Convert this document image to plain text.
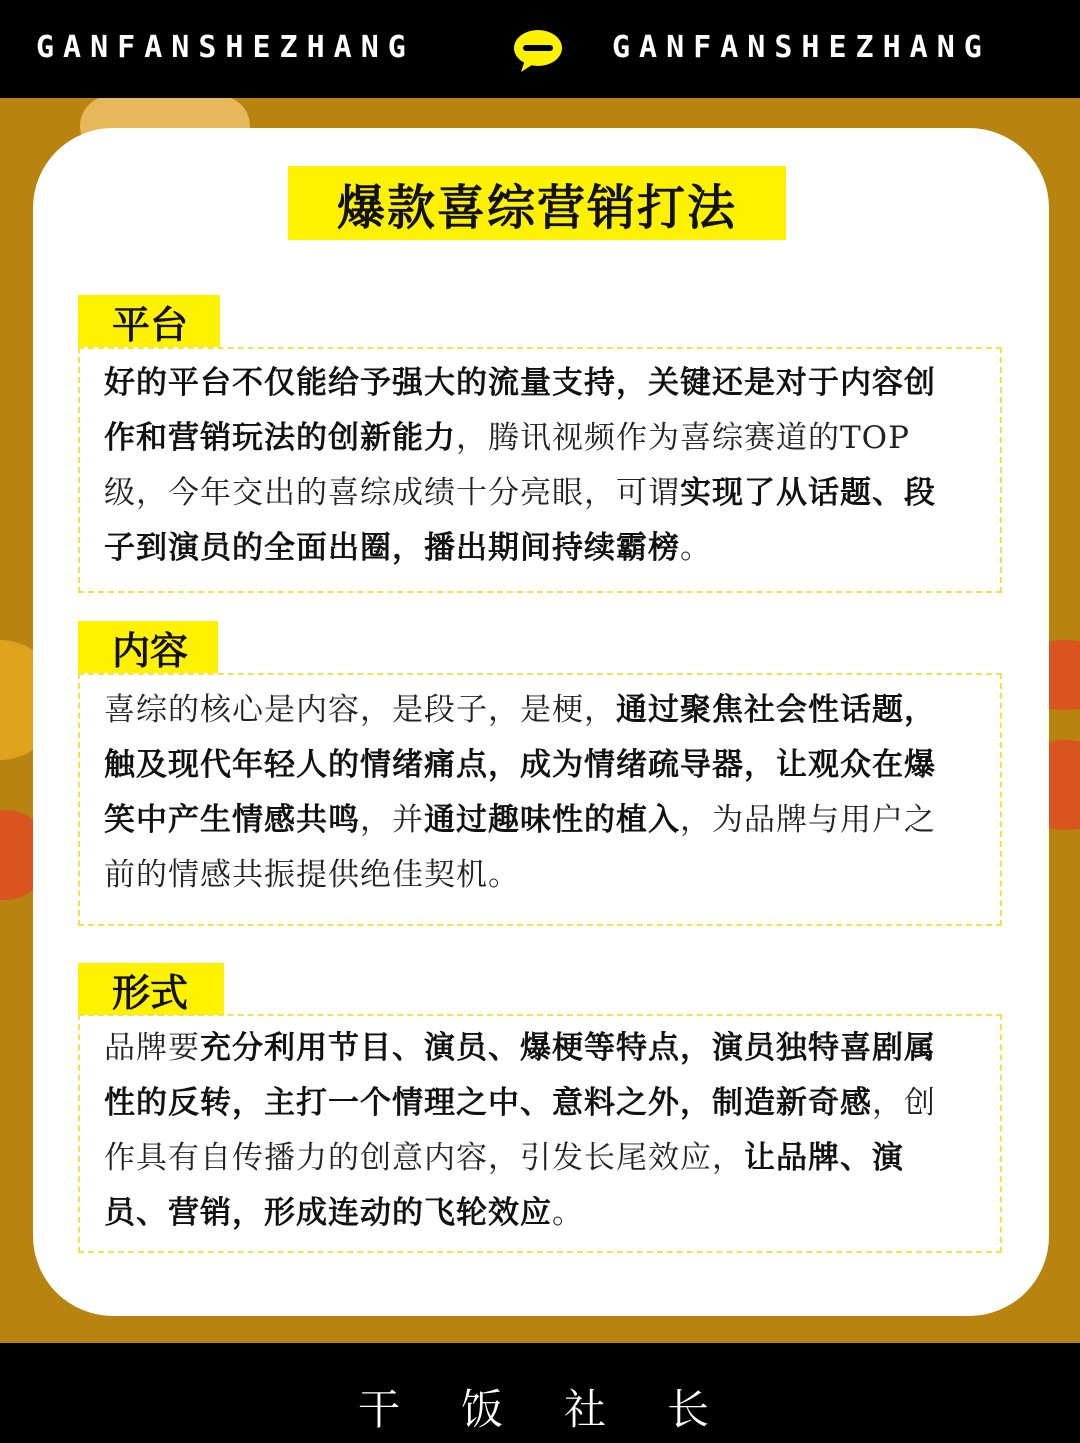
GANFANSHEZHANG	GANFANSHEZHANG
爆款喜综营销打法
平台
好的平台不仅能给予强大的流量支持，关键还是对于内容创作和营销玩法的创新能力，腾讯视频作为喜综赛道的TOP级，今年交出的喜综成绩十分亮眼，可谓实现了从话题、段子到演员的全面出圈，播出期间持续霸榜。
内容
喜综的核心是内容，是段子，是梗，通过聚焦社会性话题，触及现代年轻人的情绪痛点，成为情绪疏导器，让观众在爆笑中产生情感共鸣，并通过趣味性的植入，为品牌与用户之前的情感共振提供绝佳契机。
形式
品牌要充分利用节目、演员、爆梗等特点，演员独特喜剧属性的反转，主打一个情理之中、意料之外，制造新奇感，创作具有自传播力的创意内容，引发长尾效应，让品牌、演员、营销，形成连动的飞轮效应。
干 饭 社 长
